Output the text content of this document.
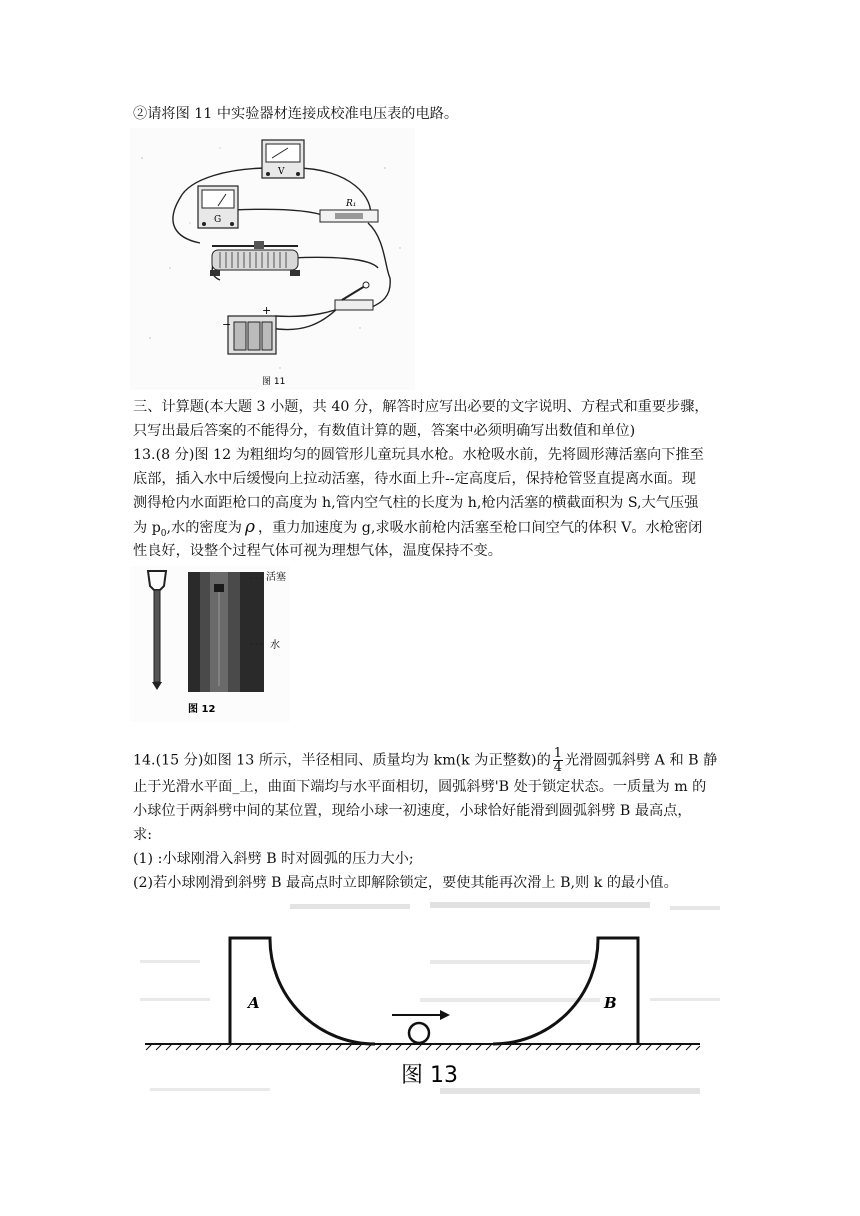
②请将图 11 中实验器材连接成校准电压表的电路。
V
G
R₁
+
−
图 11
三、计算题(本大题 3 小题，共 40 分，解答时应写出必要的文字说明、方程式和重要步骤，
只写出最后答案的不能得分，有数值计算的题，答案中必须明确写出数值和单位)
13.(8 分)图 12 为粗细均匀的圆管形儿童玩具水枪。水枪吸水前，先将圆形薄活塞向下推至
底部，插入水中后缓慢向上拉动活塞，待水面上升--定高度后，保持枪管竖直提离水面。现
测得枪内水面距枪口的高度为 h,管内空气柱的长度为 h,枪内活塞的横截面积为 S,大气压强
为 $p_0$,水的密度为 ρ ，重力加速度为 g,求吸水前枪内活塞至枪口间空气的体积 V。水枪密闭
性良好，设整个过程气体可视为理想气体，温度保持不变。
活塞
水
图 12
14.(15 分)如图 13 所示，半径相同、质量均为 km(k 为正整数)的 $\frac{1}{4}$ 光滑圆弧斜劈 A 和 B 静
止于光滑水平面_上，曲面下端均与水平面相切，圆弧斜劈'B 处于锁定状态。一质量为 m 的
小球位于两斜劈中间的某位置，现给小球一初速度，小球恰好能滑到圆弧斜劈 B 最高点，
求:
(1) :小球刚滑入斜劈 B 时对圆弧的压力大小;
(2)若小球刚滑到斜劈 B 最高点时立即解除锁定，要使其能再次滑上 B,则 k 的最小值。
A	B
图 13
